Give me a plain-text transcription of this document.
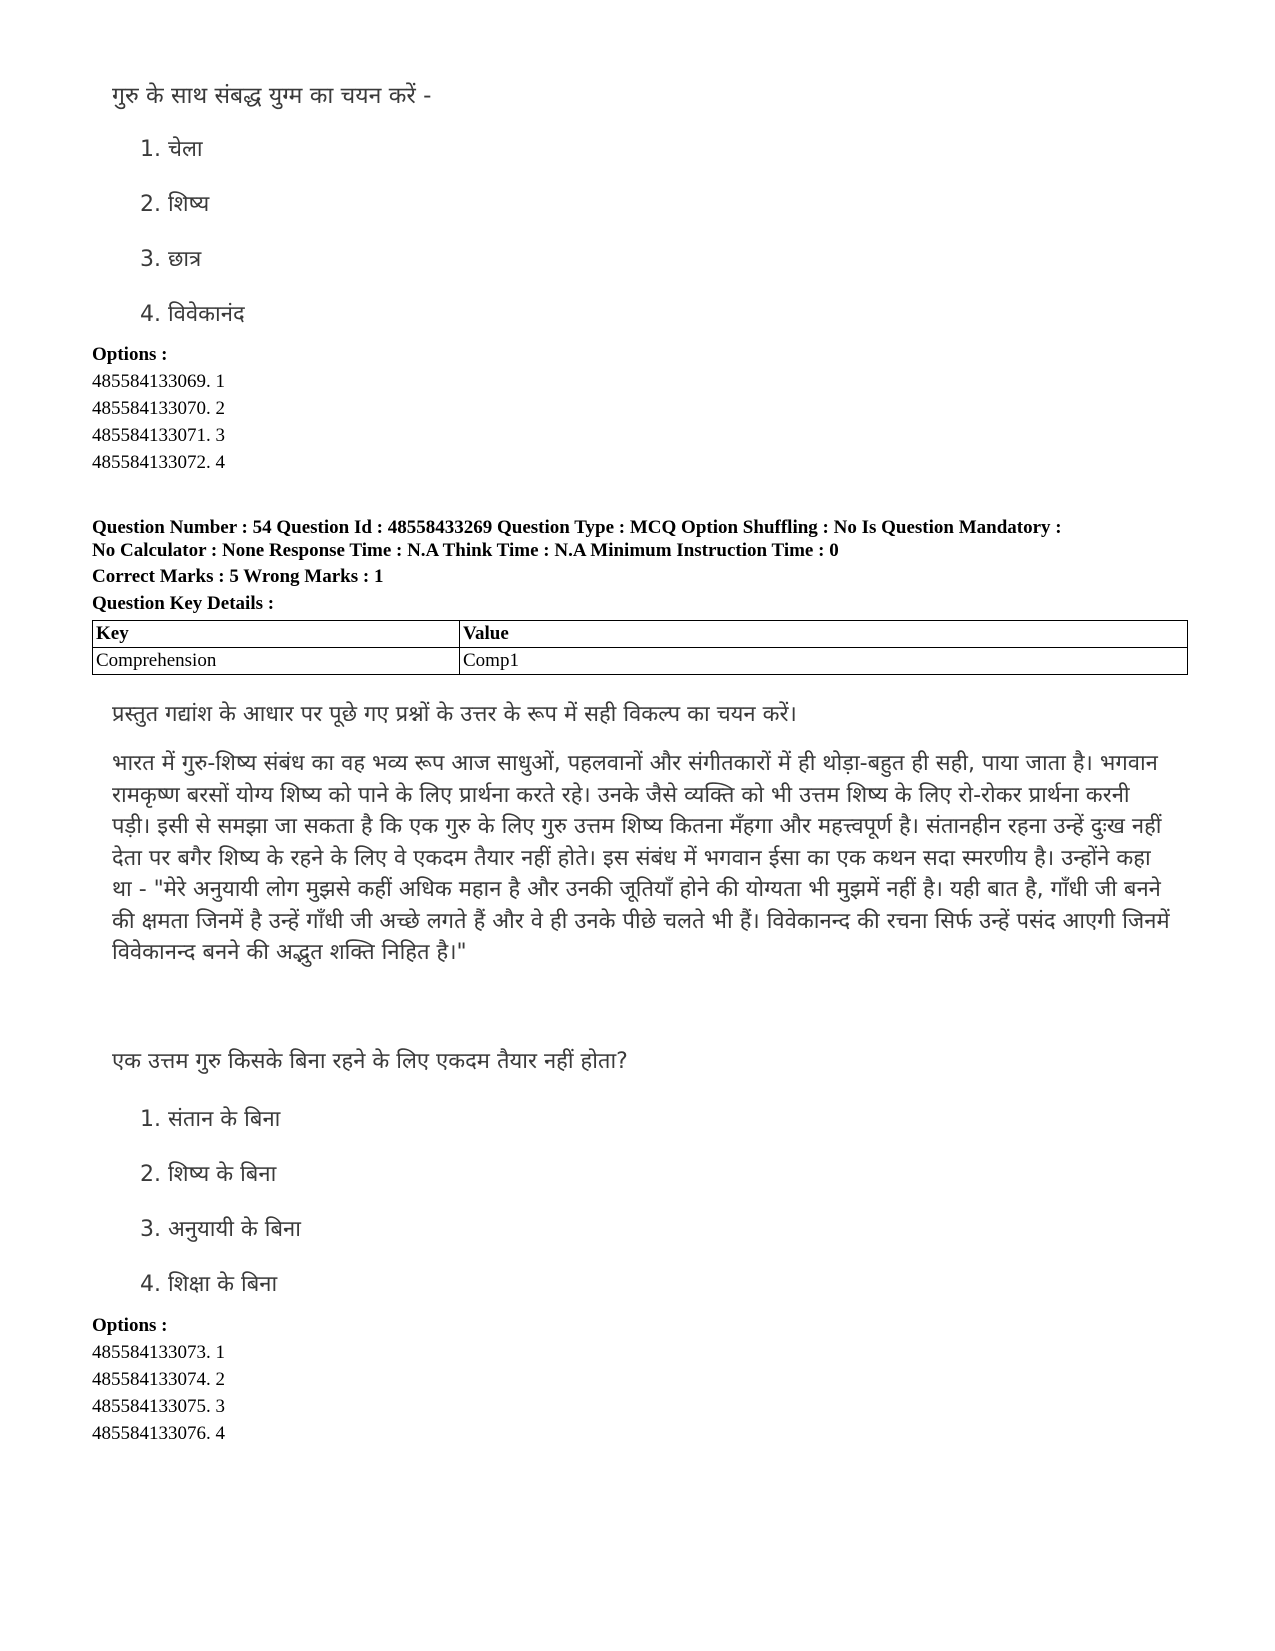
गुरु के साथ संबद्ध युग्म का चयन करें -
1. चेला
2. शिष्य
3. छात्र
4. विवेकानंद
Options :
485584133069. 1
485584133070. 2
485584133071. 3
485584133072. 4
Question Number : 54 Question Id : 48558433269 Question Type : MCQ Option Shuffling : No Is Question Mandatory :
No Calculator : None Response Time : N.A Think Time : N.A Minimum Instruction Time : 0
Correct Marks : 5 Wrong Marks : 1
Question Key Details :
Key	Value
Comprehension	Comp1
प्रस्तुत गद्यांश के आधार पर पूछे गए प्रश्नों के उत्तर के रूप में सही विकल्प का चयन करें।
भारत में गुरु-शिष्य संबंध का वह भव्य रूप आज साधुओं, पहलवानों और संगीतकारों में ही थोड़ा-बहुत ही सही, पाया जाता है। भगवान रामकृष्ण बरसों योग्य शिष्य को पाने के लिए प्रार्थना करते रहे। उनके जैसे व्यक्ति को भी उत्तम शिष्य के लिए रो-रोकर प्रार्थना करनी पड़ी। इसी से समझा जा सकता है कि एक गुरु के लिए गुरु उत्तम शिष्य कितना मँहगा और महत्त्वपूर्ण है। संतानहीन रहना उन्हें दुःख नहीं देता पर बगैर शिष्य के रहने के लिए वे एकदम तैयार नहीं होते। इस संबंध में भगवान ईसा का एक कथन सदा स्मरणीय है। उन्होंने कहा था - "मेरे अनुयायी लोग मुझसे कहीं अधिक महान है और उनकी जूतियाँ होने की योग्यता भी मुझमें नहीं है। यही बात है, गाँधी जी बनने की क्षमता जिनमें है उन्हें गाँधी जी अच्छे लगते हैं और वे ही उनके पीछे चलते भी हैं। विवेकानन्द की रचना सिर्फ उन्हें पसंद आएगी जिनमें विवेकानन्द बनने की अद्भुत शक्ति निहित है।"
एक उत्तम गुरु किसके बिना रहने के लिए एकदम तैयार नहीं होता?
1. संतान के बिना
2. शिष्य के बिना
3. अनुयायी के बिना
4. शिक्षा के बिना
Options :
485584133073. 1
485584133074. 2
485584133075. 3
485584133076. 4
